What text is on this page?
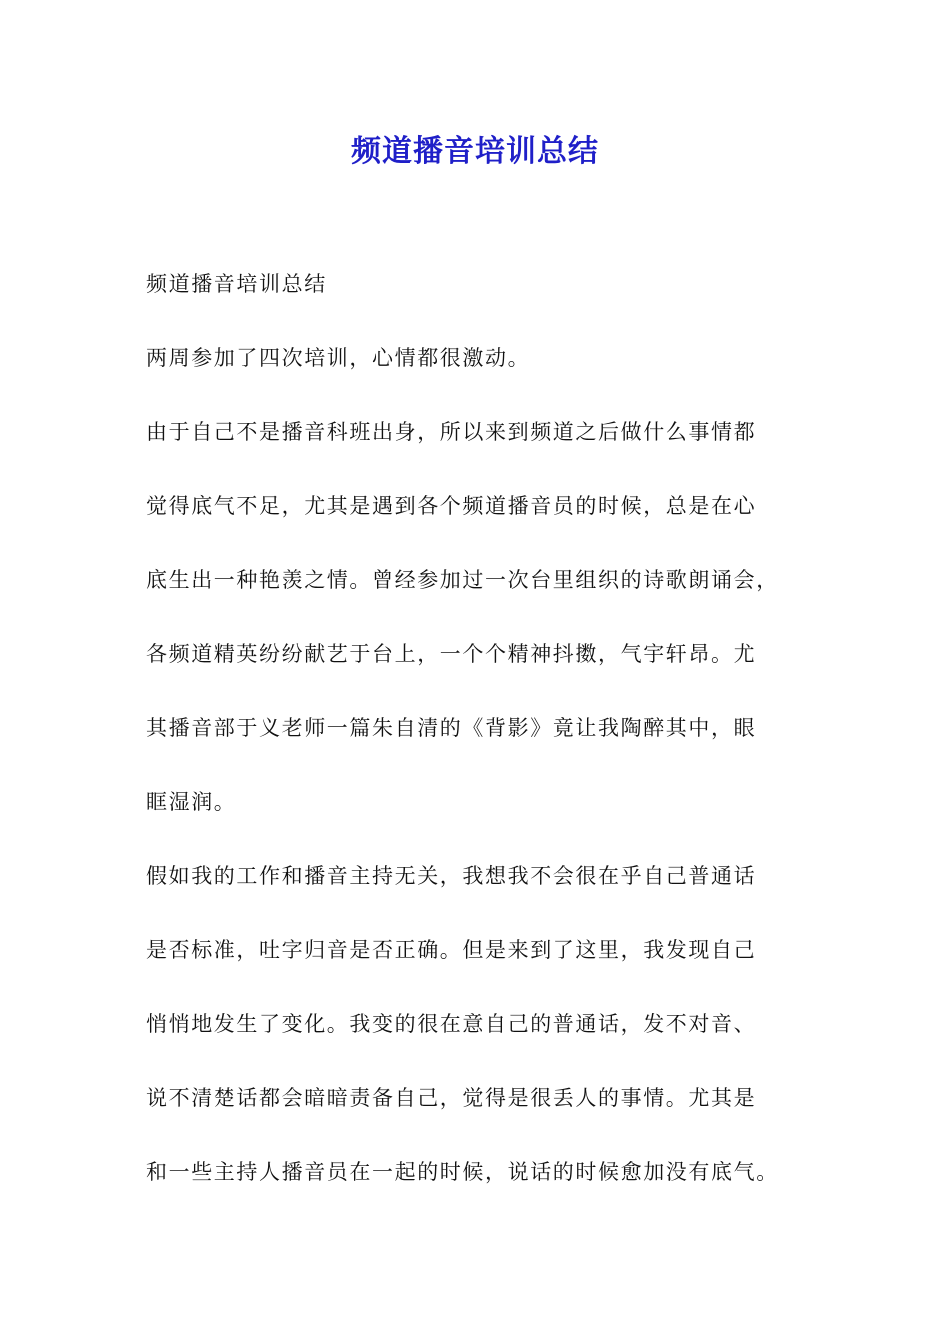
频道播音培训总结
频道播音培训总结
两周参加了四次培训，心情都很激动。
由于自己不是播音科班出身，所以来到频道之后做什么事情都
觉得底气不足，尤其是遇到各个频道播音员的时候，总是在心
底生出一种艳羡之情。曾经参加过一次台里组织的诗歌朗诵会，
各频道精英纷纷献艺于台上，一个个精神抖擞，气宇轩昂。尤
其播音部于义老师一篇朱自清的《背影》竟让我陶醉其中，眼
眶湿润。
假如我的工作和播音主持无关，我想我不会很在乎自己普通话
是否标准，吐字归音是否正确。但是来到了这里，我发现自己
悄悄地发生了变化。我变的很在意自己的普通话，发不对音、
说不清楚话都会暗暗责备自己，觉得是很丢人的事情。尤其是
和一些主持人播音员在一起的时候，说话的时候愈加没有底气。
